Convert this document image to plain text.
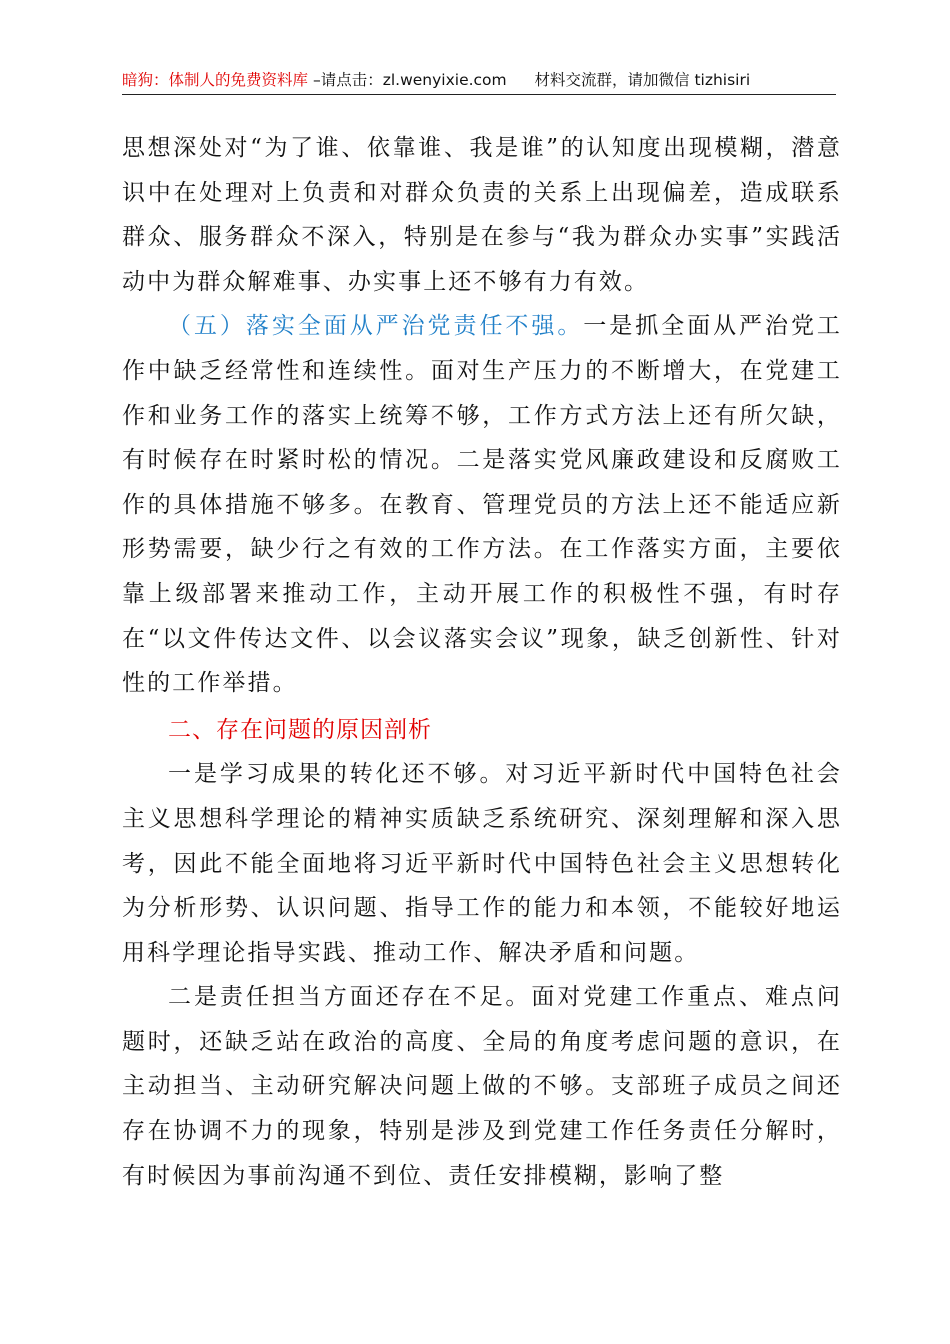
暗狗：体制人的免费资料库 –请点击：zl.wenyixie.com 材料交流群，请加微信 tizhisiri

思想深处对“为了谁、依靠谁、我是谁”的认知度出现模糊，潜意识中在处理对上负责和对群众负责的关系上出现偏差，造成联系群众、服务群众不深入，特别是在参与“我为群众办实事”实践活动中为群众解难事、办实事上还不够有力有效。

（五）落实全面从严治党责任不强。一是抓全面从严治党工作中缺乏经常性和连续性。面对生产压力的不断增大，在党建工作和业务工作的落实上统筹不够，工作方式方法上还有所欠缺，有时候存在时紧时松的情况。二是落实党风廉政建设和反腐败工作的具体措施不够多。在教育、管理党员的方法上还不能适应新形势需要，缺少行之有效的工作方法。在工作落实方面，主要依靠上级部署来推动工作，主动开展工作的积极性不强，有时存在“以文件传达文件、以会议落实会议”现象，缺乏创新性、针对性的工作举措。

二、存在问题的原因剖析

一是学习成果的转化还不够。对习近平新时代中国特色社会主义思想科学理论的精神实质缺乏系统研究、深刻理解和深入思考，因此不能全面地将习近平新时代中国特色社会主义思想转化为分析形势、认识问题、指导工作的能力和本领，不能较好地运用科学理论指导实践、推动工作、解决矛盾和问题。

二是责任担当方面还存在不足。面对党建工作重点、难点问题时，还缺乏站在政治的高度、全局的角度考虑问题的意识，在主动担当、主动研究解决问题上做的不够。支部班子成员之间还存在协调不力的现象，特别是涉及到党建工作任务责任分解时，有时候因为事前沟通不到位、责任安排模糊，影响了整
